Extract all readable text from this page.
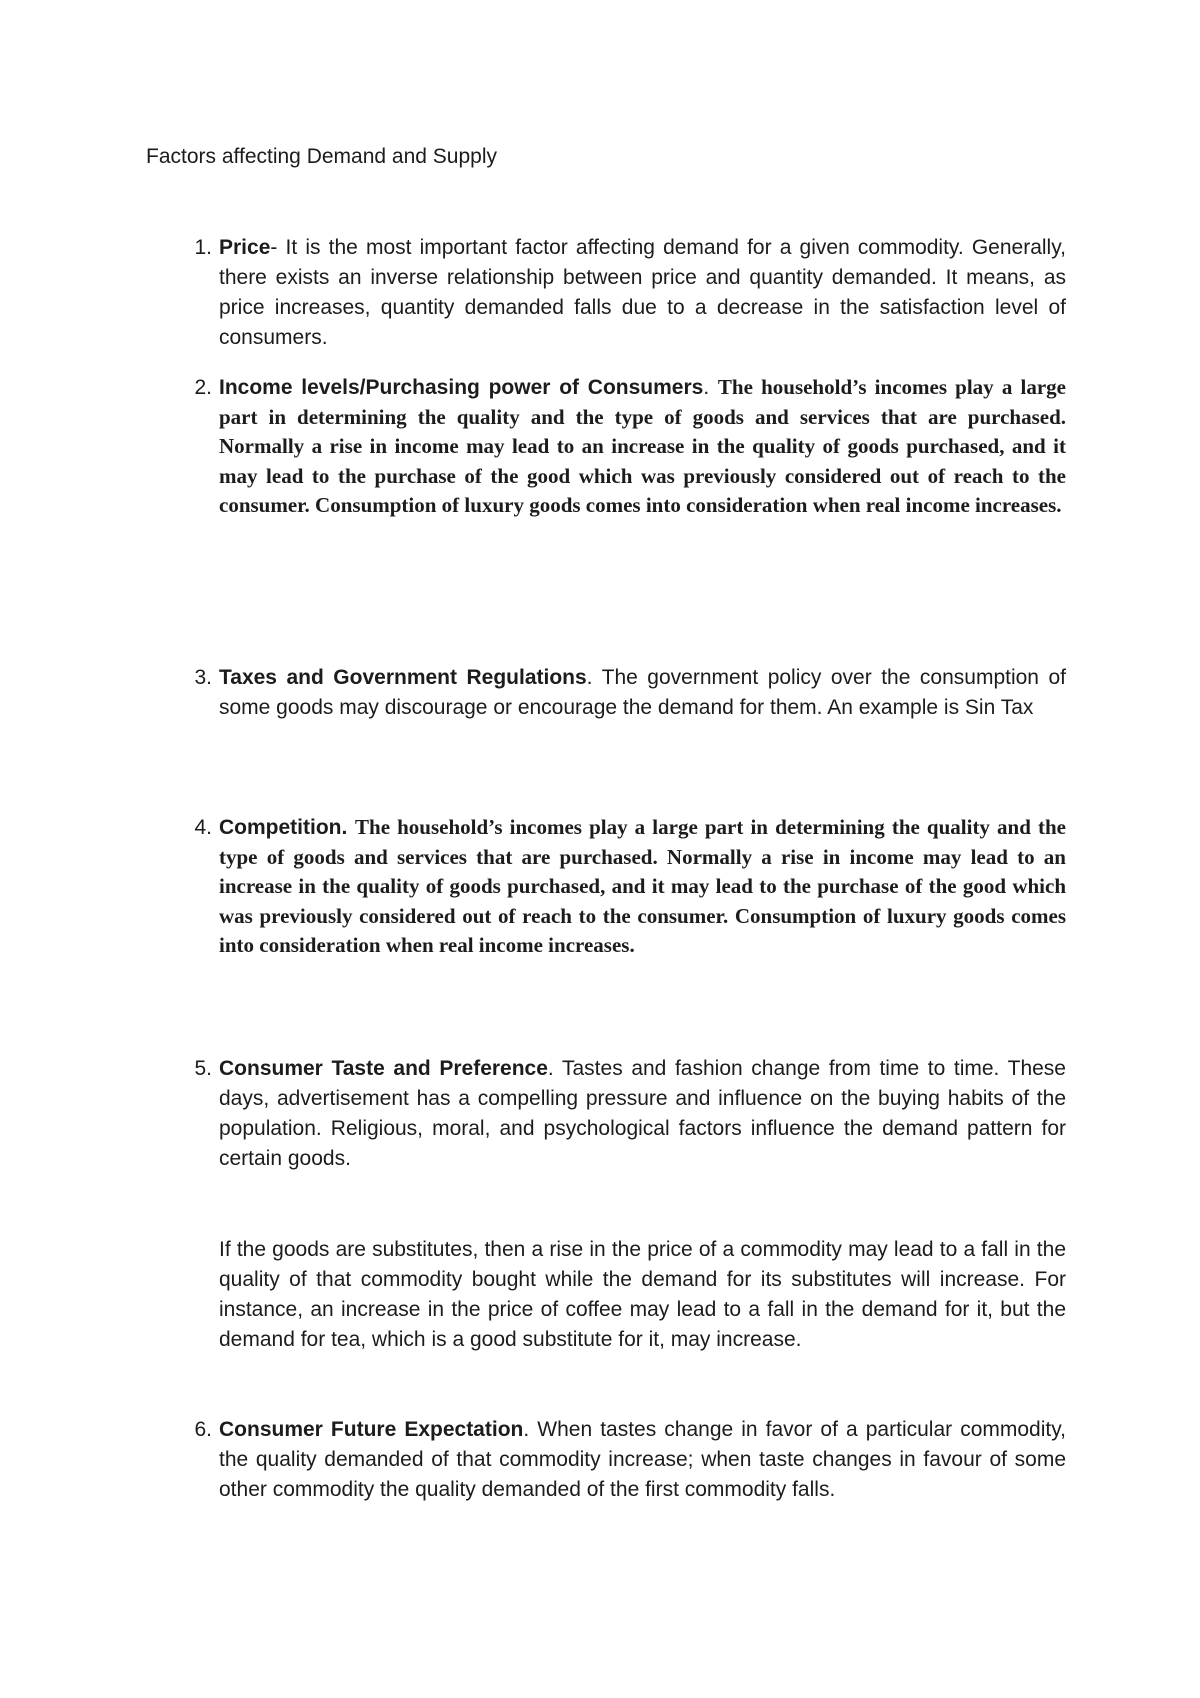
Factors affecting Demand and Supply
1. Price- It is the most important factor affecting demand for a given commodity. Generally, there exists an inverse relationship between price and quantity demanded. It means, as price increases, quantity demanded falls due to a decrease in the satisfaction level of consumers.
2. Income levels/Purchasing power of Consumers. The household’s incomes play a large part in determining the quality and the type of goods and services that are purchased. Normally a rise in income may lead to an increase in the quality of goods purchased, and it may lead to the purchase of the good which was previously considered out of reach to the consumer. Consumption of luxury goods comes into consideration when real income increases.
3. Taxes and Government Regulations. The government policy over the consumption of some goods may discourage or encourage the demand for them. An example is Sin Tax
4. Competition. The household’s incomes play a large part in determining the quality and the type of goods and services that are purchased. Normally a rise in income may lead to an increase in the quality of goods purchased, and it may lead to the purchase of the good which was previously considered out of reach to the consumer. Consumption of luxury goods comes into consideration when real income increases.
5. Consumer Taste and Preference. Tastes and fashion change from time to time. These days, advertisement has a compelling pressure and influence on the buying habits of the population. Religious, moral, and psychological factors influence the demand pattern for certain goods.
If the goods are substitutes, then a rise in the price of a commodity may lead to a fall in the quality of that commodity bought while the demand for its substitutes will increase. For instance, an increase in the price of coffee may lead to a fall in the demand for it, but the demand for tea, which is a good substitute for it, may increase.
6. Consumer Future Expectation. When tastes change in favor of a particular commodity, the quality demanded of that commodity increase; when taste changes in favour of some other commodity the quality demanded of the first commodity falls.
